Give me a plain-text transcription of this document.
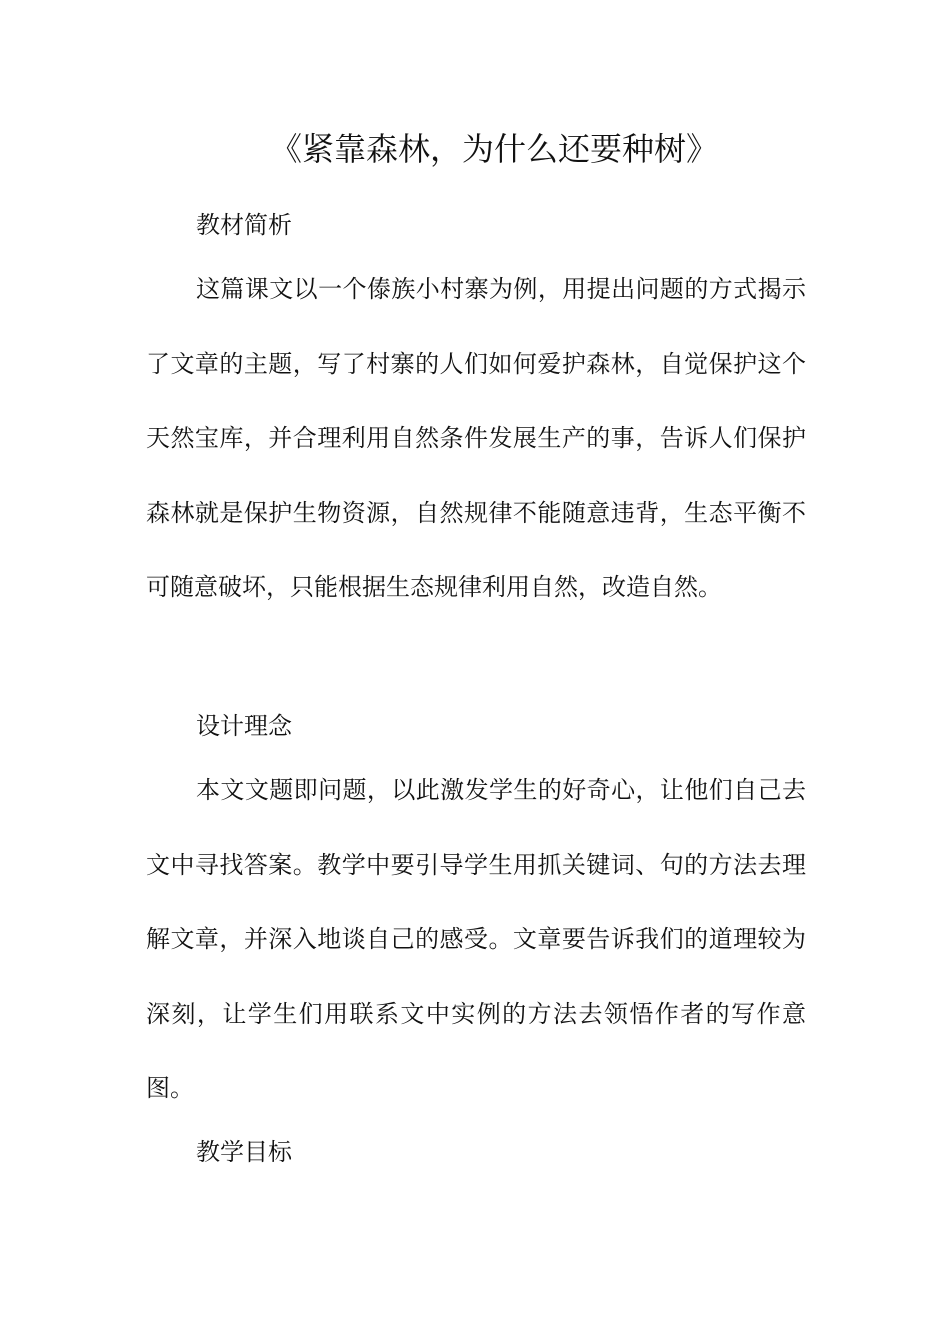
《紧靠森林，为什么还要种树》
教材简析

这篇课文以一个傣族小村寨为例，用提出问题的方式揭示了文章的主题，写了村寨的人们如何爱护森林，自觉保护这个天然宝库，并合理利用自然条件发展生产的事，告诉人们保护森林就是保护生物资源，自然规律不能随意违背，生态平衡不可随意破坏，只能根据生态规律利用自然，改造自然。

设计理念

本文文题即问题，以此激发学生的好奇心，让他们自己去文中寻找答案。教学中要引导学生用抓关键词、句的方法去理解文章，并深入地谈自己的感受。文章要告诉我们的道理较为深刻，让学生们用联系文中实例的方法去领悟作者的写作意图。

教学目标
